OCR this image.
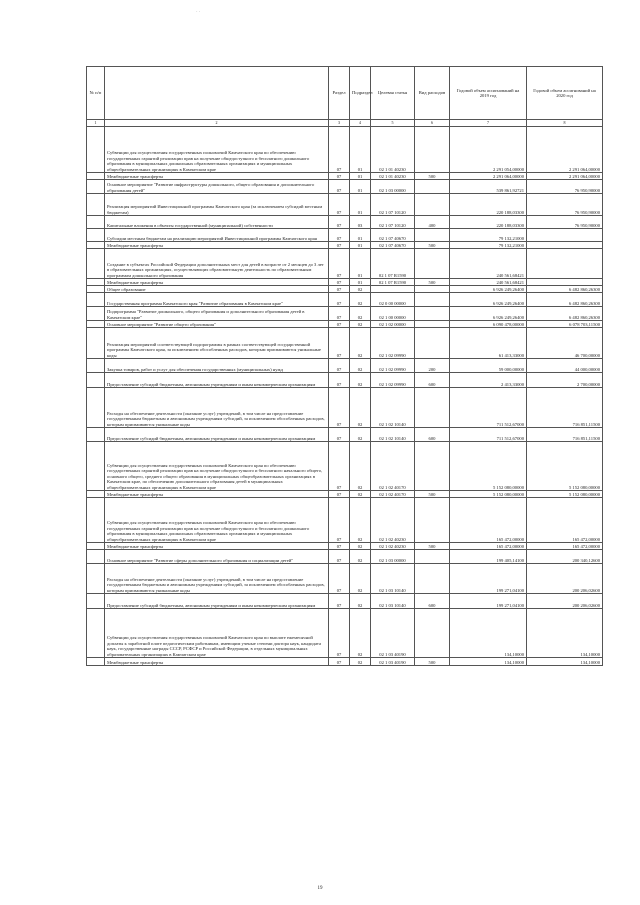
· ·
№ п/п		Раздел	Подраздел	Целевая статья	Вид расходов	Годовой объем ассигнований на 2019 год	Годовой объем ассигнований на 2020 год
1	2	3	4	5	6	7	8
	Субвенции для осуществления государственных полномочий Камчатского края по обеспечению государственных гарантий реализации прав на получение общедоступного и бесплатного дошкольного образования в муниципальных дошкольных образовательных организациях и муниципальных общеобразовательных организациях в Камчатском крае	07	01	02 1 01 40230		2 291 054,00000	2 291 064,00000
	Межбюджетные трансферты	07	01	02 1 01 40230	500	2 291 064,00000	2 291 064,00000
	Основное мероприятие "Развитие инфраструктуры дошкольного, общего образования и дополнительного образования детей"	07	01	02 1 03 00000		539 861,92721	76 950,90000
	Реализация мероприятий Инвестиционной программы Камчатского края (за исключением субсидий местным бюджетам)	07	01	02 1 07 10120		220 188,03300	76 950,90000
	Капитальные вложения в объекты государственной (муниципальной) собственности	07	03	02 1 07 10120	400	220 188,03300	76 950,90000
	Субсидии местным бюджетам на реализацию мероприятий Инвестиционной программы Камчатского края	07	01	02 1 07 40670		79 132,21000	
	Межбюджетные трансферты	07	01	02 1 07 40670	500	79 132,21000	
	Создание в субъектах Российской Федерации дополнительных мест для детей в возрасте от 2 месяцев до 3 лет в образовательных организациях, осуществляющих образовательную деятельность по образовательным программам дошкольного образования	07	01	02 1 07 R1590		240 561,68421	
	Межбюджетные трансферты	07	01	02 1 07 R1590	500	240 561,68421	
	Общее образование	07	02			6 926 249,26400	6 482 860,26300
	Государственная программа Камчатского края "Развитие образования в Камчатском крае"	07	02	02 0 00 00000		6 926 249,26400	6 482 860,26300
	Подпрограмма "Развитие дошкольного, общего образования и дополнительного образования детей в Камчатском крае"	07	02	02 1 00 00000		6 926 249,26400	6 482 860,26300
	Основное мероприятие "Развитие общего образования"	07	02	02 1 02 00000		6 090 478,00000	6 078 703,11500
	Реализация мероприятий соответствующей подпрограммы в рамках соответствующей государственной программы Камчатского края, за исключением обособленных расходов, которым присваиваются уникальные коды	07	02	02 1 02 09990		61 413,33000	46 700,00000
	Закупка товаров, работ и услуг для обеспечения государственных (муниципальных) нужд	07	02	02 1 02 09990	200	59 000,00000	44 000,00000
	Предоставление субсидий бюджетным, автономным учреждениям и иным некоммерческим организациям	07	02	02 1 02 09990	600	2 413,33000	2 700,00000
	Расходы на обеспечение деятельности (оказание услуг) учреждений, в том числе на предоставление государственным бюджетным и автономным учреждениям субсидий, за исключением обособленных расходов, которым присваиваются уникальные коды	07	02	02 1 02 10140		711 512,67000	716 851,11500
	Предоставление субсидий бюджетным, автономным учреждениям и иным некоммерческим организациям	07	02	02 1 02 10140	600	711 512,67000	716 851,11500
	Субвенции для осуществления государственных полномочий Камчатского края по обеспечению государственных гарантий реализации прав на получение общедоступного и бесплатного начального общего, основного общего, среднего общего образования в муниципальных общеобразовательных организациях в Камчатском крае, по обеспечению дополнительного образования детей в муниципальных общеобразовательных организациях в Камчатском крае	07	02	02 1 02 40170		5 152 080,00000	5 152 080,00000
	Межбюджетные трансферты	07	02	02 1 02 40170	500	5 152 080,00000	5 152 080,00000
	Субвенции для осуществления государственных полномочий Камчатского края по обеспечению государственных гарантий реализации прав на получение общедоступного и бесплатного дошкольного образования в муниципальных дошкольных образовательных организациях и муниципальных общеобразовательных организациях в Камчатском крае	07	02	02 1 02 40230		165 472,00000	165 472,00000
	Межбюджетные трансферты	07	02	02 1 02 40230	500	165 472,00000	165 472,00000
	Основное мероприятие "Развитие сферы дополнительного образования и социализации детей"	07	02	02 1 03 00000		199 405,14100	200 340,12600
	Расходы на обеспечение деятельности (оказание услуг) учреждений, в том числе на предоставление государственным бюджетным и автономным учреждениям субсидий, за исключением обособленных расходов, которым присваиваются уникальные коды	07	02	02 1 03 10140		199 271,04100	200 206,02600
	Предоставление субсидий бюджетным, автономным учреждениям и иным некоммерческим организациям	07	02	02 1 03 10140	600	199 271,04100	200 206,02600
	Субвенции для осуществления государственных полномочий Камчатского края по выплате ежемесячной доплаты к заработной плате педагогическим работникам, имеющим ученые степени доктора наук, кандидата наук, государственные награды СССР, РСФСР и Российской Федерации, в отдельных муниципальных образовательных организациях в Камчатском крае	07	02	02 1 03 40190		134,10000	134,10000
	Межбюджетные трансферты	07	02	02 1 03 40190	500	134,10000	134,10000
19
